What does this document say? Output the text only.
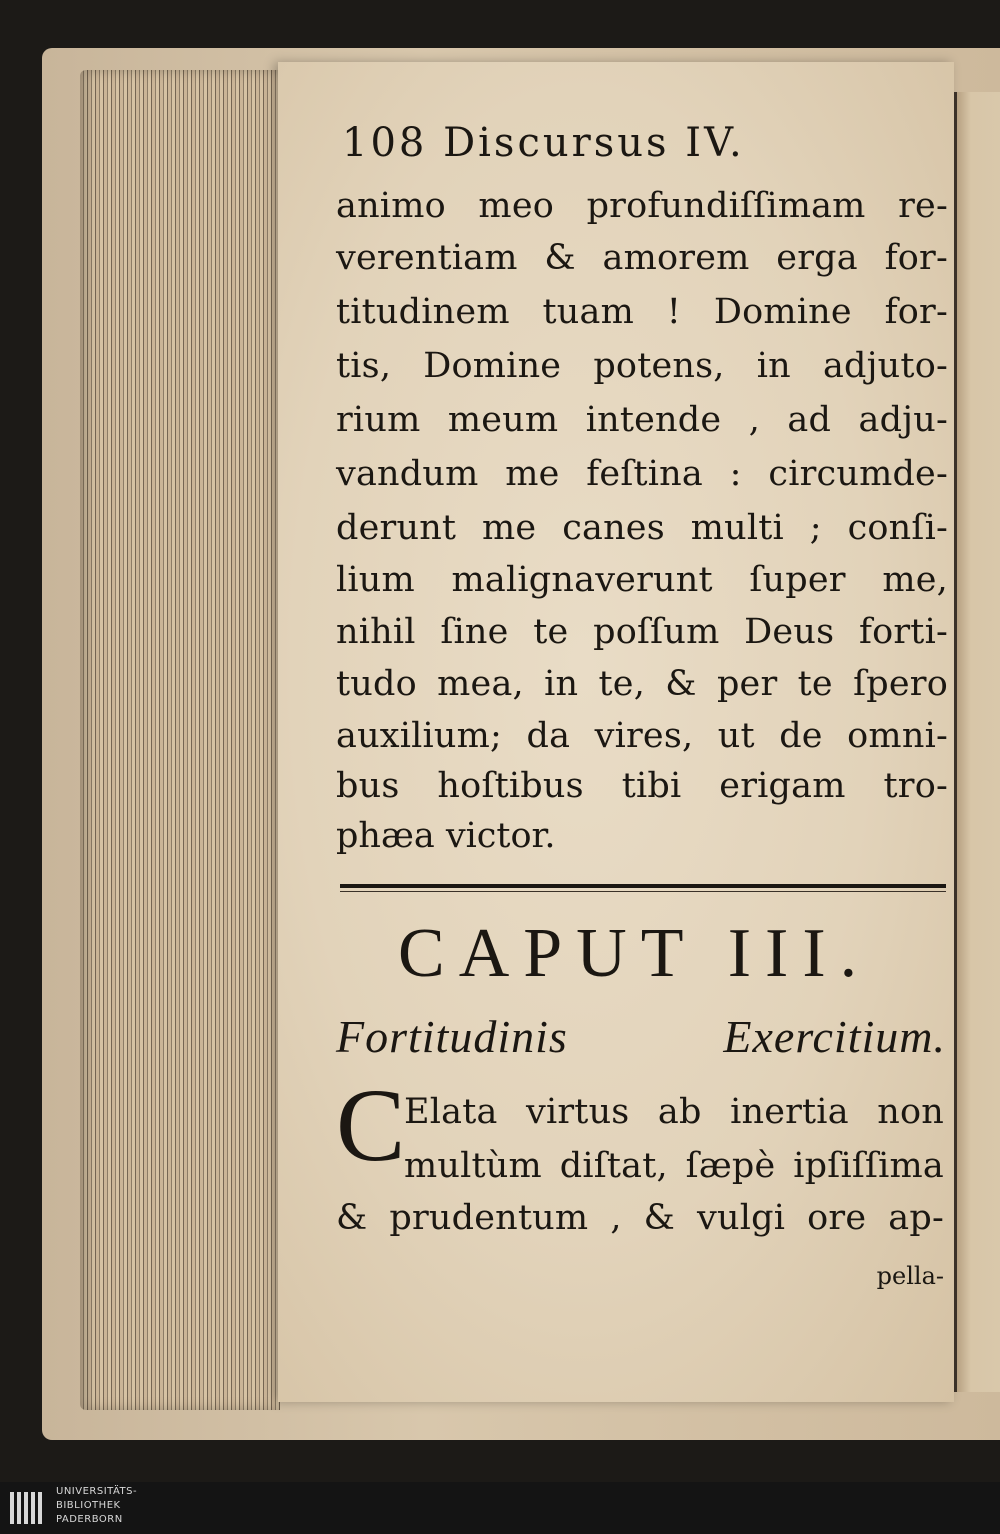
108 Discursus IV.
animo meo profundiſſimam re-
verentiam & amorem erga for-
titudinem tuam ! Domine for-
tis, Domine potens, in adjuto-
rium meum intende , ad adju-
vandum me feſtina : circumde-
derunt me canes multi ; conſi-
lium malignaverunt ſuper me,
nihil ſine te poſſum Deus forti-
tudo mea, in te, & per te ſpero
auxilium; da vires, ut de omni-
bus hoſtibus tibi erigam tro-
phæa victor.
CAPUT III.
Fortitudinis Exercitium.
C
Elata virtus ab inertia non
multùm diſtat, ſæpè ipſiſſima
& prudentum , & vulgi ore ap-
pella-
UNIVERSITÄTS-
BIBLIOTHEK
PADERBORN
